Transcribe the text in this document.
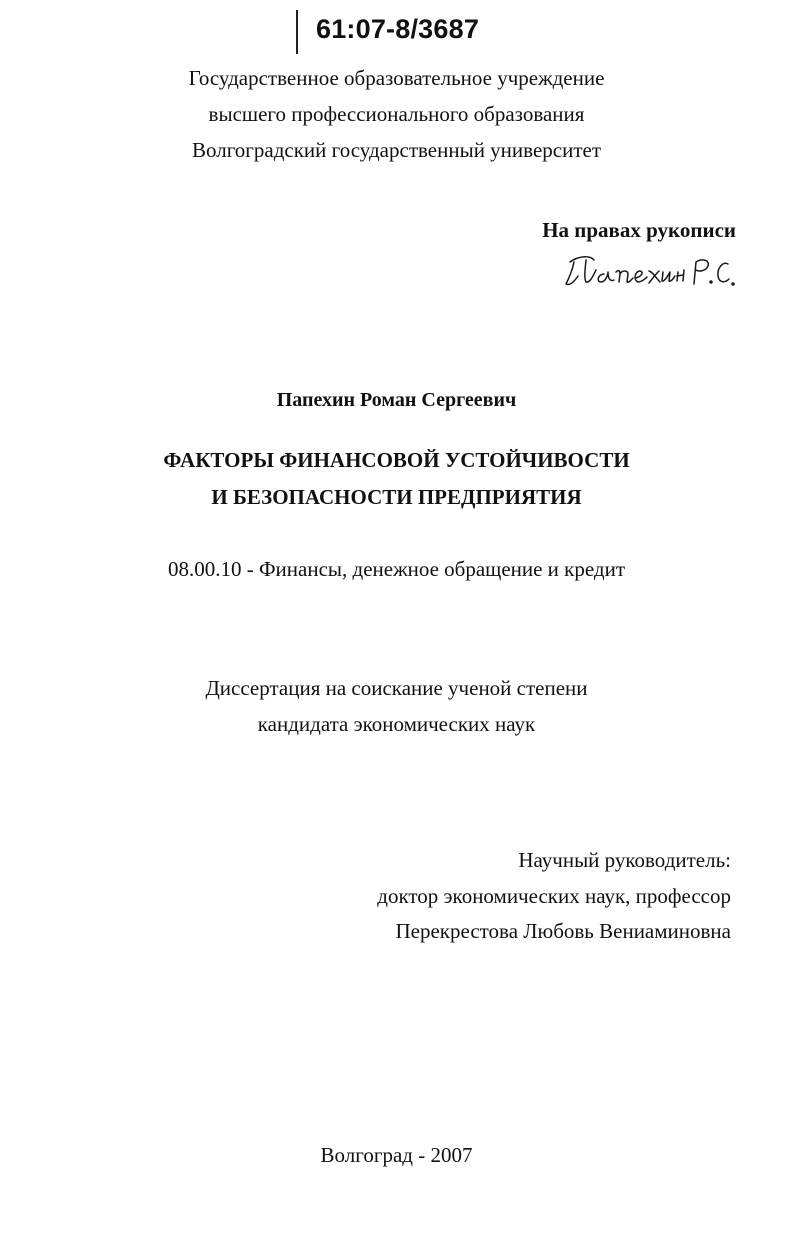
61:07-8/3687
Государственное образовательное учреждение
высшего профессионального образования
Волгоградский государственный университет
На правах рукописи
Папехин Роман Сергеевич
ФАКТОРЫ ФИНАНСОВОЙ УСТОЙЧИВОСТИ
И БЕЗОПАСНОСТИ ПРЕДПРИЯТИЯ
08.00.10 - Финансы, денежное обращение и кредит
Диссертация на соискание ученой степени
кандидата экономических наук
Научный руководитель:
доктор экономических наук, профессор
Перекрестова Любовь Вениаминовна
Волгоград - 2007
